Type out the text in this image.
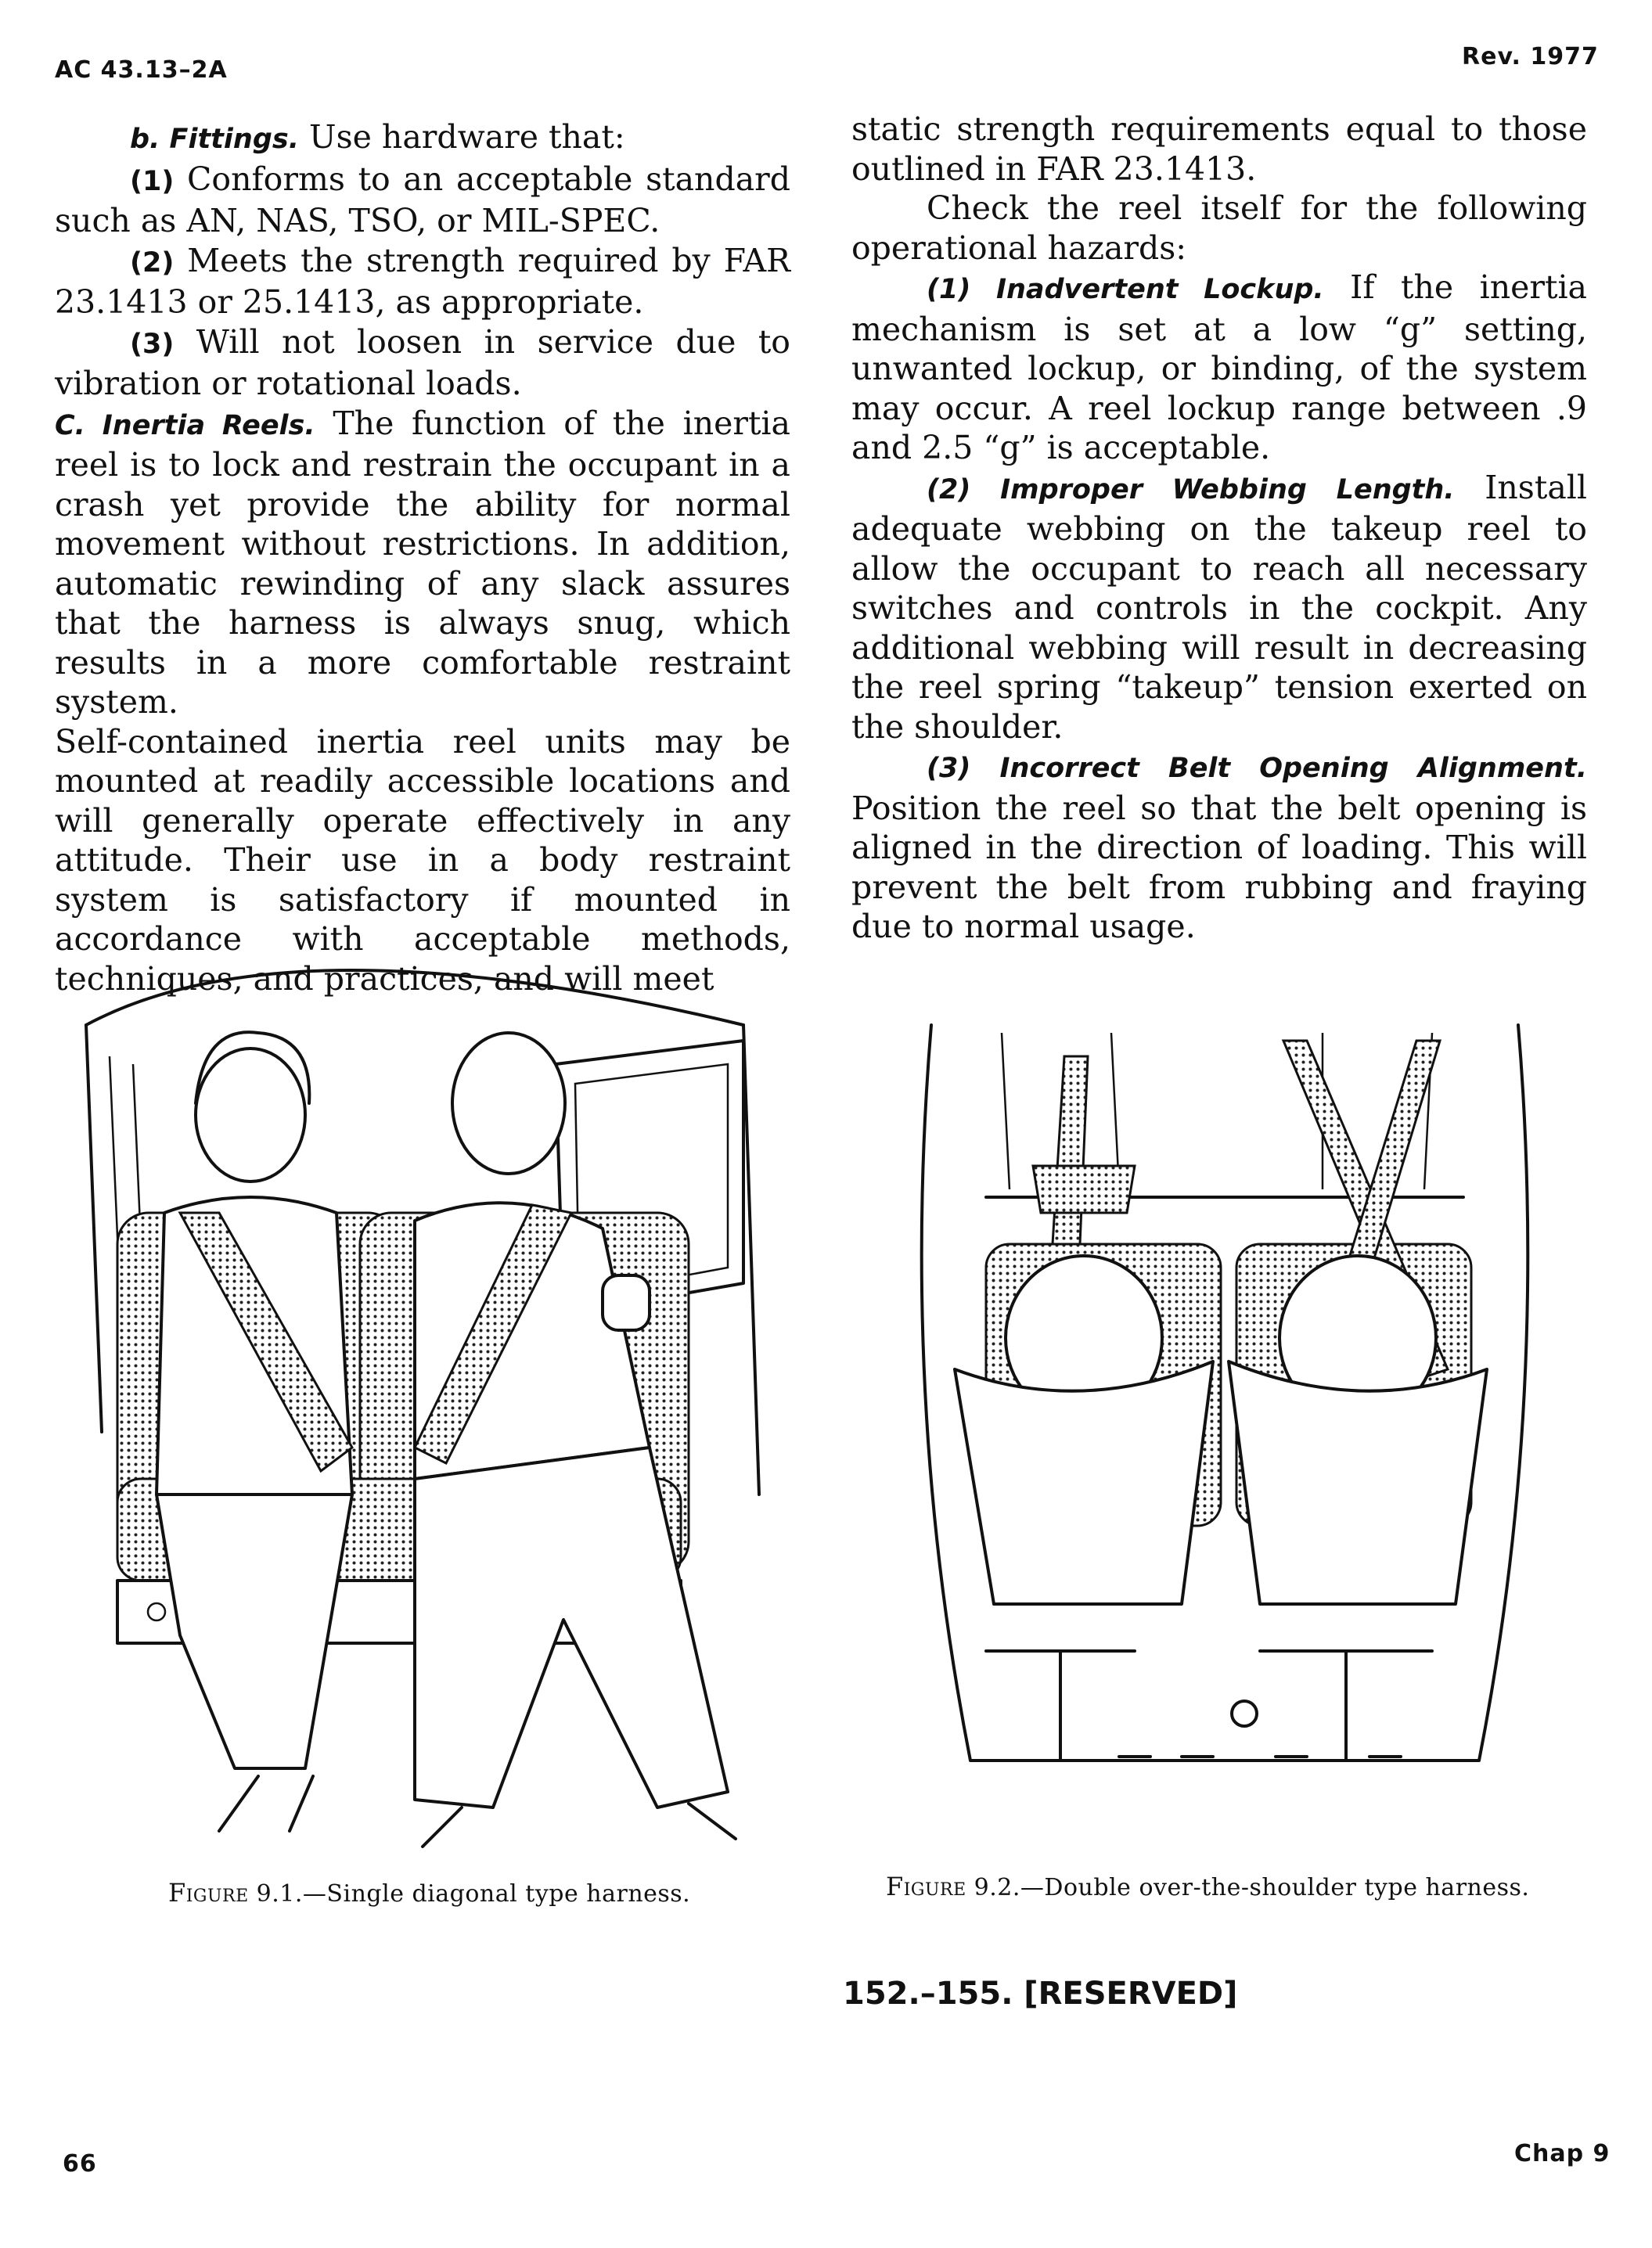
AC 43.13–2A	Rev. 1977

b. Fittings. Use hardware that:

(1) Conforms to an acceptable standard such as AN, NAS, TSO, or MIL-SPEC.

(2) Meets the strength required by FAR 23.1413 or 25.1413, as appropriate.

(3) Will not loosen in service due to vibration or rotational loads.

C. Inertia Reels. The function of the inertia reel is to lock and restrain the occupant in a crash yet provide the ability for normal movement without restrictions. In addition, automatic rewinding of any slack assures that the harness is always snug, which results in a more comfortable restraint system.

Self-contained inertia reel units may be mounted at readily accessible locations and will generally operate effectively in any attitude. Their use in a body restraint system is satisfactory if mounted in accordance with acceptable methods, techniques, and practices, and will meet

static strength requirements equal to those outlined in FAR 23.1413.

Check the reel itself for the following operational hazards:

(1) Inadvertent Lockup. If the inertia mechanism is set at a low “g” setting, unwanted lockup, or binding, of the system may occur. A reel lockup range between .9 and 2.5 “g” is acceptable.

(2) Improper Webbing Length. Install adequate webbing on the takeup reel to allow the occupant to reach all necessary switches and controls in the cockpit. Any additional webbing will result in decreasing the reel spring “takeup” tension exerted on the shoulder.

(3) Incorrect Belt Opening Alignment. Position the reel so that the belt opening is aligned in the direction of loading. This will prevent the belt from rubbing and fraying due to normal usage.

Figure 9.1.—Single diagonal type harness.	Figure 9.2.—Double over-the-shoulder type harness.
152.–155. [RESERVED]
66	Chap 9
